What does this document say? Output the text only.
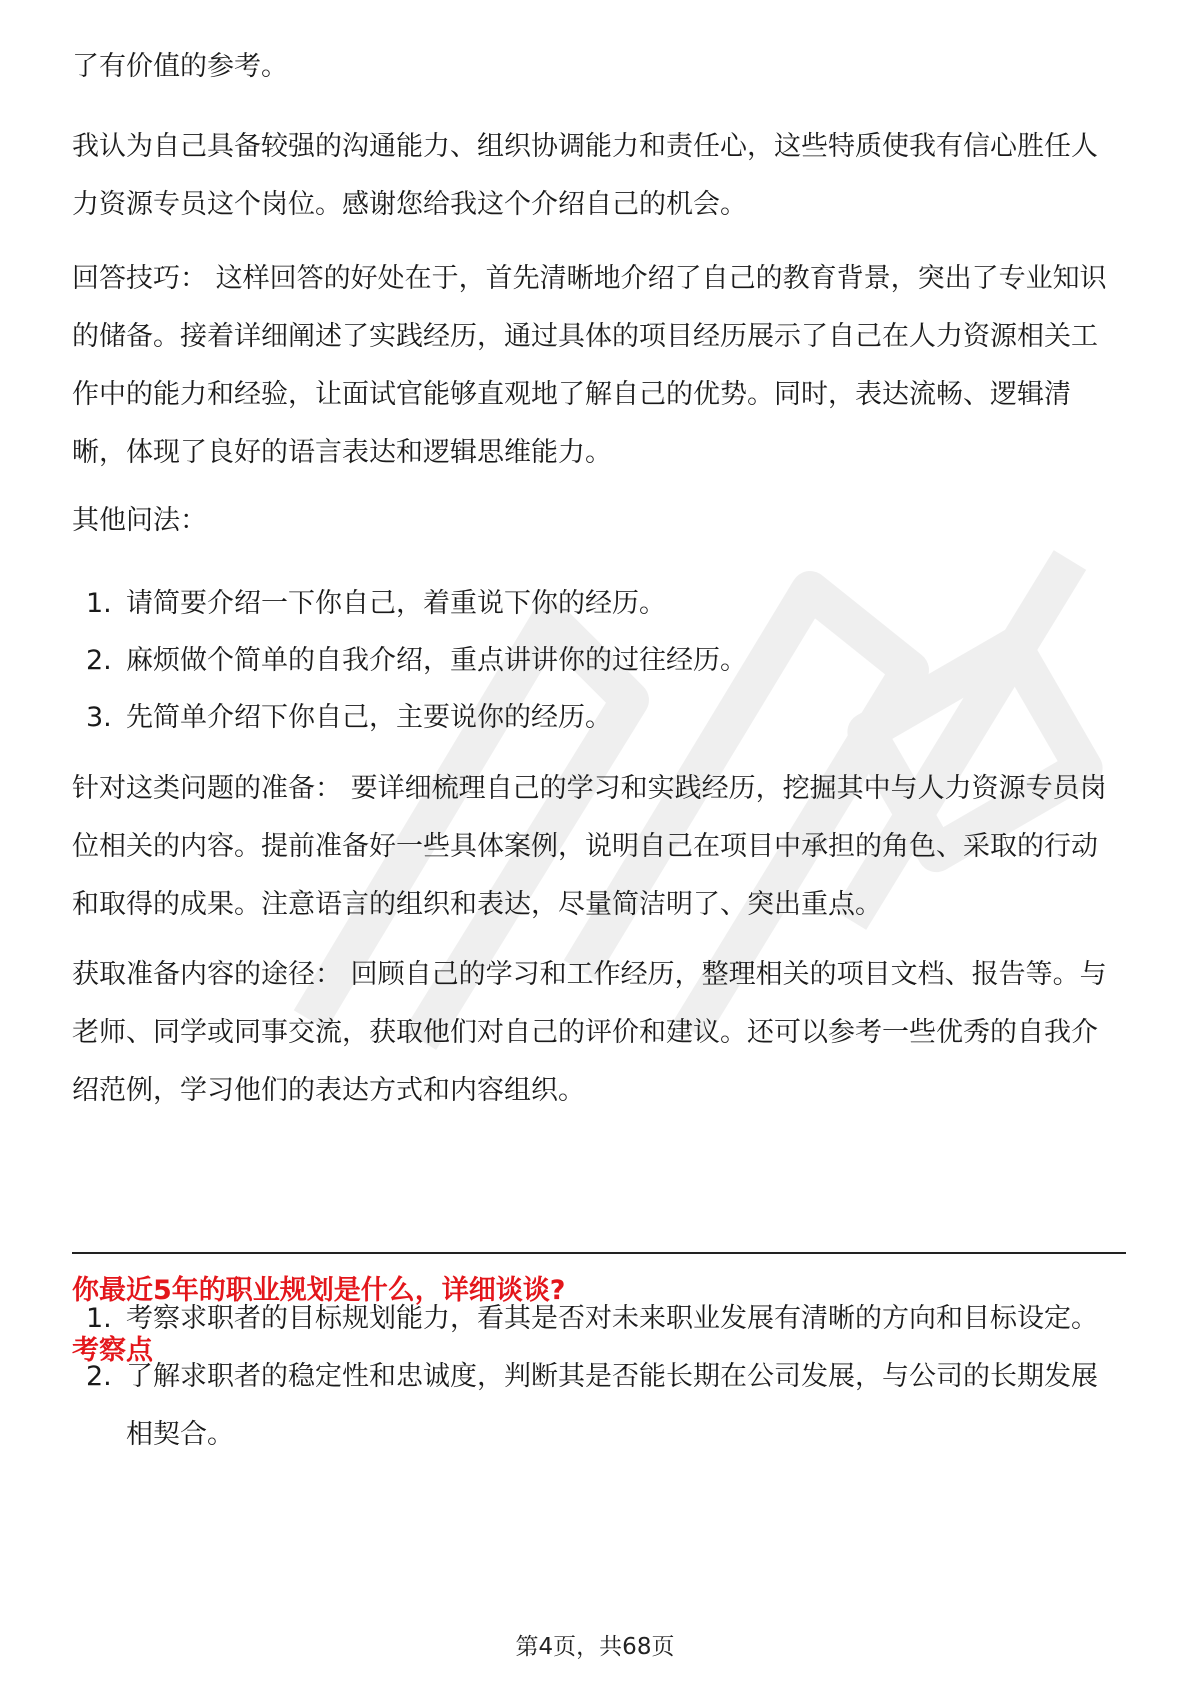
了有价值的参考。

我认为自己具备较强的沟通能力、组织协调能力和责任心，这些特质使我有信心胜任人力资源专员这个岗位。感谢您给我这个介绍自己的机会。

回答技巧： 这样回答的好处在于，首先清晰地介绍了自己的教育背景，突出了专业知识的储备。接着详细阐述了实践经历，通过具体的项目经历展示了自己在人力资源相关工作中的能力和经验，让面试官能够直观地了解自己的优势。同时，表达流畅、逻辑清晰，体现了良好的语言表达和逻辑思维能力。

其他问法：

1. 请简要介绍一下你自己，着重说下你的经历。
2. 麻烦做个简单的自我介绍，重点讲讲你的过往经历。
3. 先简单介绍下你自己，主要说你的经历。

针对这类问题的准备： 要详细梳理自己的学习和实践经历，挖掘其中与人力资源专员岗位相关的内容。提前准备好一些具体案例，说明自己在项目中承担的角色、采取的行动和取得的成果。注意语言的组织和表达，尽量简洁明了、突出重点。

获取准备内容的途径： 回顾自己的学习和工作经历，整理相关的项目文档、报告等。与老师、同学或同事交流，获取他们对自己的评价和建议。还可以参考一些优秀的自我介绍范例，学习他们的表达方式和内容组织。

你最近5年的职业规划是什么，详细谈谈?
考察点
1. 考察求职者的目标规划能力，看其是否对未来职业发展有清晰的方向和目标设定。
2. 了解求职者的稳定性和忠诚度，判断其是否能长期在公司发展，与公司的长期发展相契合。
第4页，共68页
